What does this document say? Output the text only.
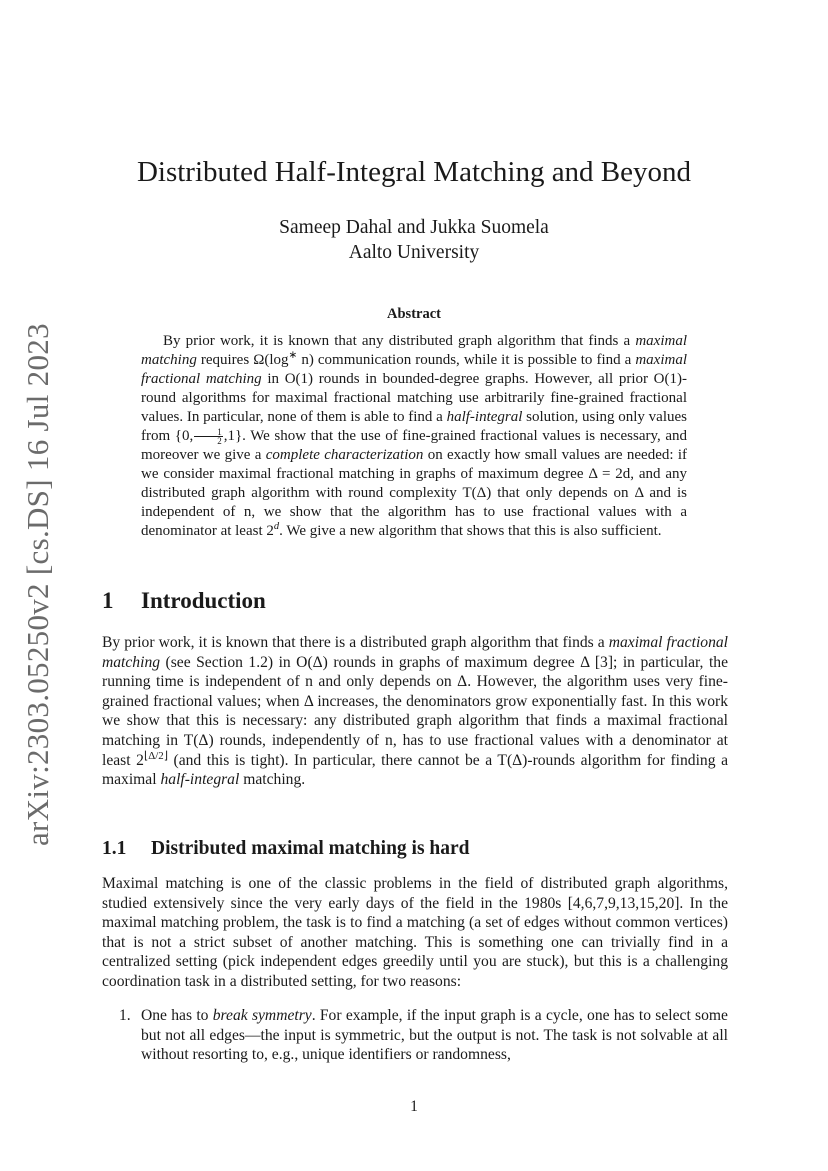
arXiv:2303.05250v2 [cs.DS] 16 Jul 2023
Distributed Half-Integral Matching and Beyond
Sameep Dahal and Jukka Suomela
Aalto University
Abstract
By prior work, it is known that any distributed graph algorithm that finds a maximal matching requires Ω(log∗ n) communication rounds, while it is possible to find a maximal fractional matching in O(1) rounds in bounded-degree graphs. However, all prior O(1)-round algorithms for maximal fractional matching use arbitrarily fine-grained fractional values. In particular, none of them is able to find a half-integral solution, using only values from {0, $\frac{1}{2} ,1$}. We show that the use of fine-grained fractional values is necessary, and moreover we give a complete characterization on exactly how small values are needed: if we consider maximal fractional matching in graphs of maximum degree Δ = 2d, and any distributed graph algorithm with round complexity T(Δ) that only depends on Δ and is independent of n, we show that the algorithm has to use fractional values with a denominator at least 2$^d$. We give a new algorithm that shows that this is also sufficient.
1 Introduction
By prior work, it is known that there is a distributed graph algorithm that finds a maximal fractional matching (see Section 1.2) in O(Δ) rounds in graphs of maximum degree Δ [3]; in particular, the running time is independent of n and only depends on Δ. However, the algorithm uses very fine-grained fractional values; when Δ increases, the denominators grow exponentially fast. In this work we show that this is necessary: any distributed graph algorithm that finds a maximal fractional matching in T(Δ) rounds, independently of n, has to use fractional values with a denominator at least $2^{⌊\Delta/2⌋}$ (and this is tight). In particular, there cannot be a T(Δ)-rounds algorithm for finding a maximal half-integral matching.
1.1 Distributed maximal matching is hard
Maximal matching is one of the classic problems in the field of distributed graph algorithms, studied extensively since the very early days of the field in the 1980s [4,6,7,9,13,15,20]. In the maximal matching problem, the task is to find a matching (a set of edges without common vertices) that is not a strict subset of another matching. This is something one can trivially find in a centralized setting (pick independent edges greedily until you are stuck), but this is a challenging coordination task in a distributed setting, for two reasons:
1. One has to break symmetry. For example, if the input graph is a cycle, one has to select some but not all edges—the input is symmetric, but the output is not. The task is not solvable at all without resorting to, e.g., unique identifiers or randomness,
1
